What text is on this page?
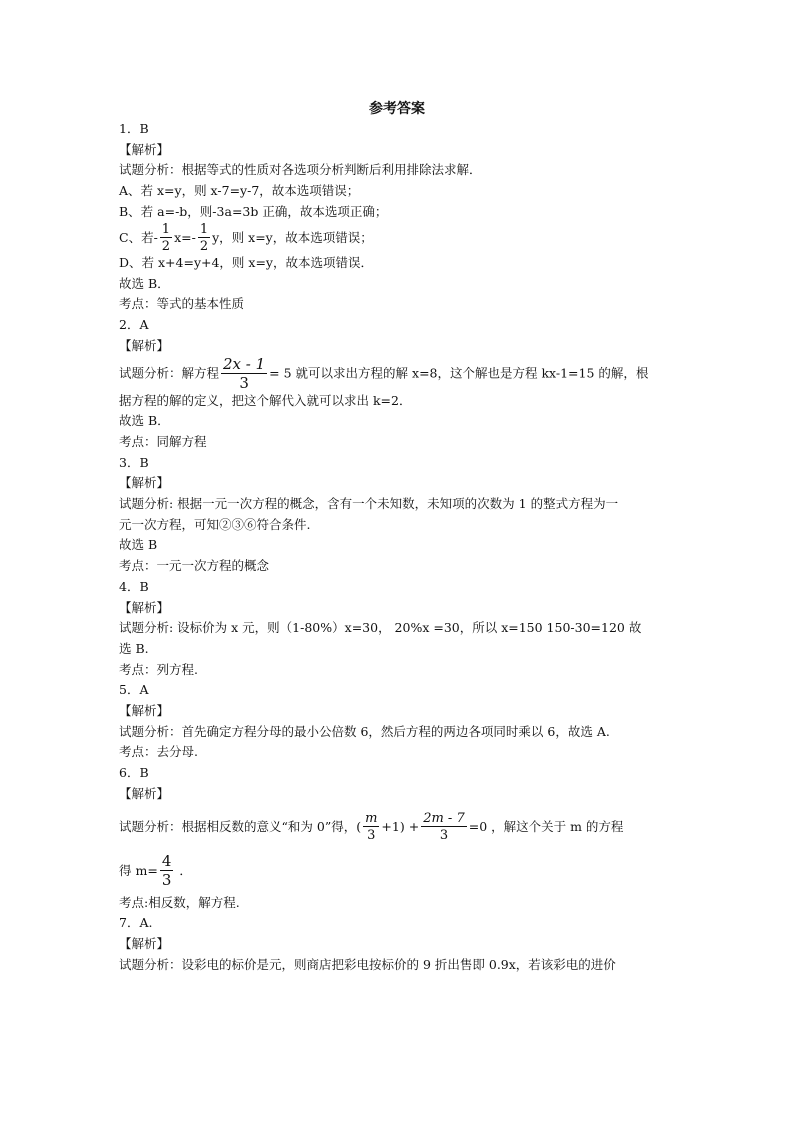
参考答案
1．B
【解析】
试题分析：根据等式的性质对各选项分析判断后利用排除法求解．
A、若 x=y，则 x-7=y-7，故本选项错误；
B、若 a=-b，则-3a=3b 正确，故本选项正确；
C、若- $\frac{1}{2} x=- \frac{1}{2}$ y，则 x=y，故本选项错误；
D、若 x+4=y+4，则 x=y，故本选项错误．
故选 B．
考点：等式的基本性质
2．A
【解析】
试题分析：解方程 $\frac{2x - 1}{3} = 5$ 就可以求出方程的解 x=8，这个解也是方程 kx-1=15 的解，根
据方程的解的定义，把这个解代入就可以求出 k=2．
故选 B．
考点：同解方程
3．B
【解析】
试题分析: 根据一元一次方程的概念，含有一个未知数，未知项的次数为 1 的整式方程为一
元一次方程，可知②③⑥符合条件.
故选 B
考点：一元一次方程的概念
4．B
【解析】
试题分析: 设标价为 x 元，则（1-80%）x=30， 20%x =30，所以 x=150 150-30=120 故
选 B.
考点：列方程.
5．A
【解析】
试题分析：首先确定方程分母的最小公倍数 6，然后方程的两边各项同时乘以 6，故选 A.
考点：去分母.
6．B
【解析】
试题分析：根据相反数的意义“和为 0”得，( $\frac{m}{3} +1) + \frac{2m - 7}{3} =0$ ，解这个关于 m 的方程
得 $m= \frac{4}{3}$ ．
考点:相反数，解方程.
7．A.
【解析】
试题分析：设彩电的标价是元，则商店把彩电按标价的 9 折出售即 0.9x，若该彩电的进价
